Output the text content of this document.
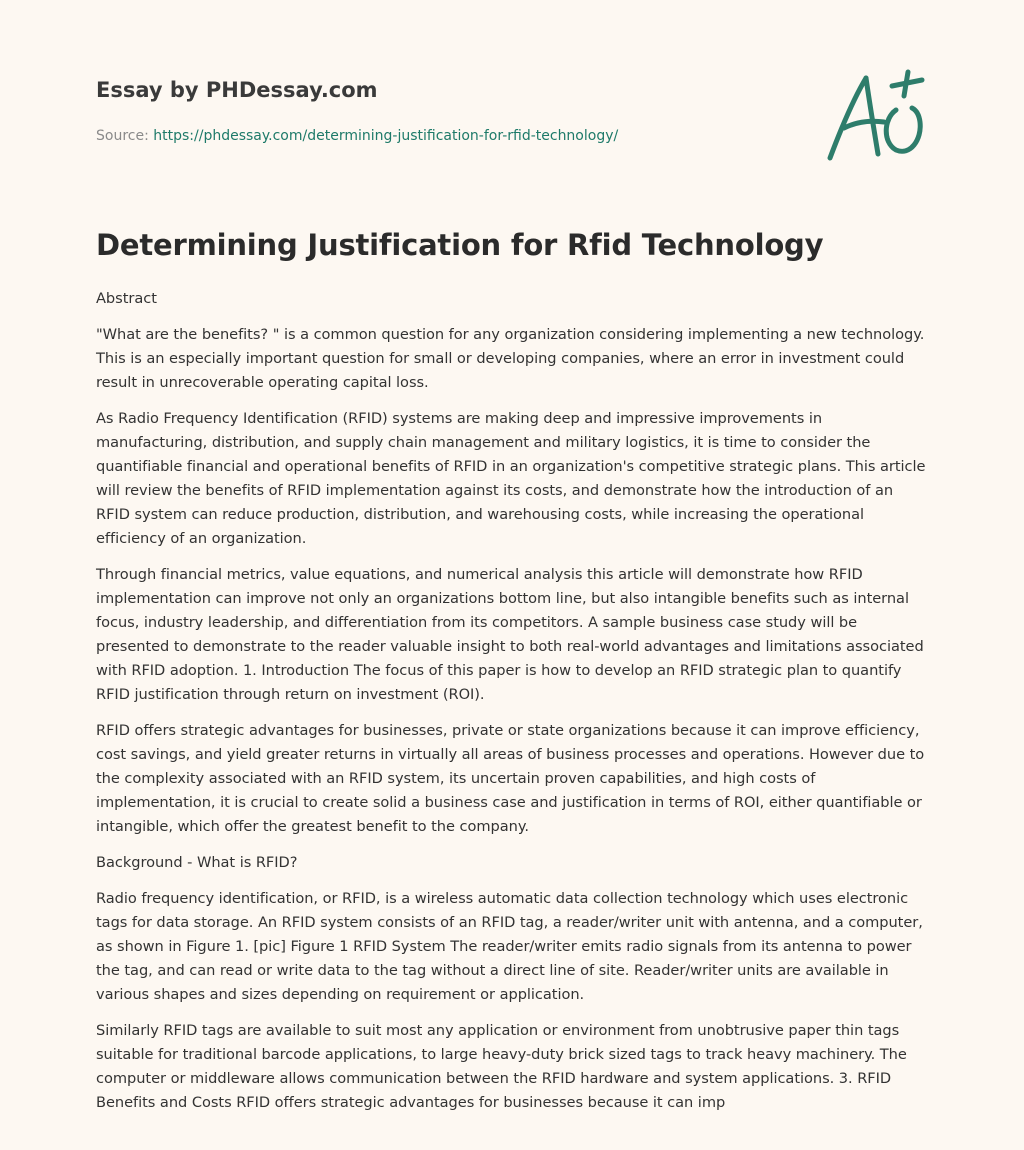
Essay by PHDessay.com
Source: https://phdessay.com/determining-justification-for-rfid-technology/
Determining Justification for Rfid Technology

Abstract

"What are the benefits? " is a common question for any organization considering implementing a new technology. This is an especially important question for small or developing companies, where an error in investment could result in unrecoverable operating capital loss.

As Radio Frequency Identification (RFID) systems are making deep and impressive improvements in manufacturing, distribution, and supply chain management and military logistics, it is time to consider the quantifiable financial and operational benefits of RFID in an organization's competitive strategic plans. This article will review the benefits of RFID implementation against its costs, and demonstrate how the introduction of an RFID system can reduce production, distribution, and warehousing costs, while increasing the operational efficiency of an organization.

Through financial metrics, value equations, and numerical analysis this article will demonstrate how RFID implementation can improve not only an organizations bottom line, but also intangible benefits such as internal focus, industry leadership, and differentiation from its competitors. A sample business case study will be presented to demonstrate to the reader valuable insight to both real-world advantages and limitations associated with RFID adoption. 1. Introduction The focus of this paper is how to develop an RFID strategic plan to quantify RFID justification through return on investment (ROI).

RFID offers strategic advantages for businesses, private or state organizations because it can improve efficiency, cost savings, and yield greater returns in virtually all areas of business processes and operations. However due to the complexity associated with an RFID system, its uncertain proven capabilities, and high costs of implementation, it is crucial to create solid a business case and justification in terms of ROI, either quantifiable or intangible, which offer the greatest benefit to the company.

Background - What is RFID?

Radio frequency identification, or RFID, is a wireless automatic data collection technology which uses electronic tags for data storage. An RFID system consists of an RFID tag, a reader/writer unit with antenna, and a computer, as shown in Figure 1. [pic] Figure 1 RFID System The reader/writer emits radio signals from its antenna to power the tag, and can read or write data to the tag without a direct line of site. Reader/writer units are available in various shapes and sizes depending on requirement or application.

Similarly RFID tags are available to suit most any application or environment from unobtrusive paper thin tags suitable for traditional barcode applications, to large heavy-duty brick sized tags to track heavy machinery. The computer or middleware allows communication between the RFID hardware and system applications. 3. RFID Benefits and Costs RFID offers strategic advantages for businesses because it can imp
